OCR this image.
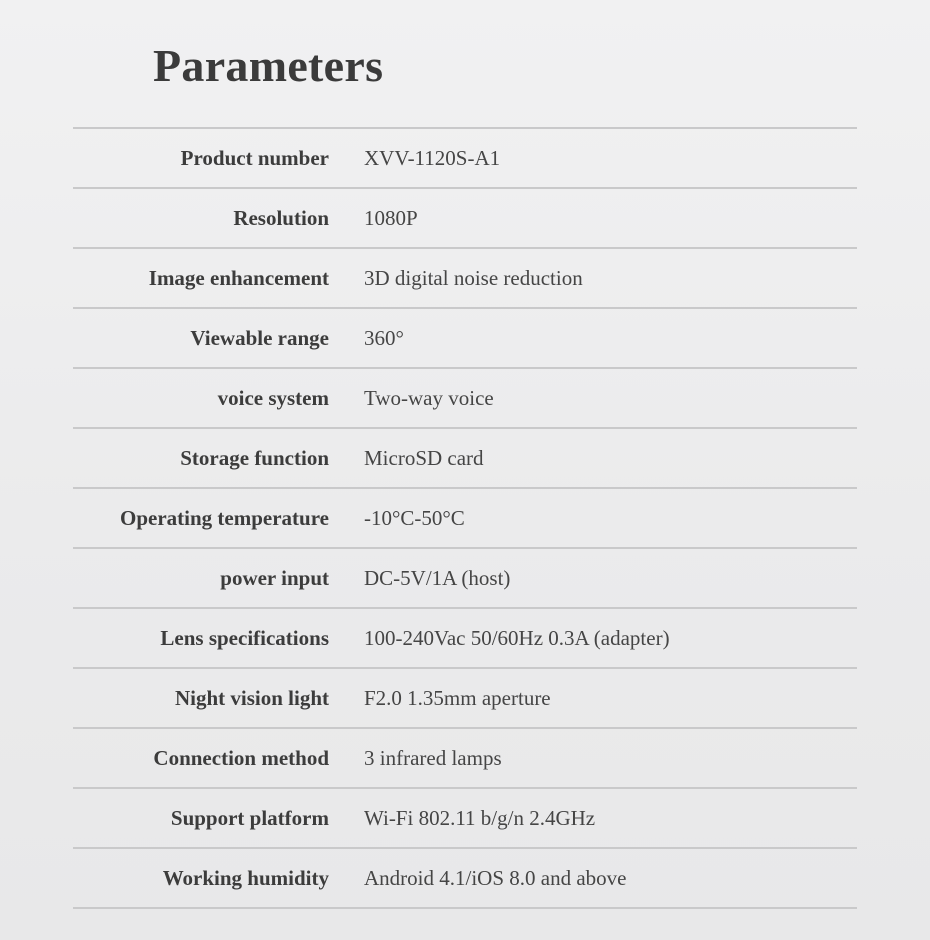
Parameters
Product number XVV-1120S-A1
Resolution 1080P
Image enhancement 3D digital noise reduction
Viewable range 360°
voice system Two-way voice
Storage function MicroSD card
Operating temperature -10°C-50°C
power input DC-5V/1A (host)
Lens specifications 100-240Vac 50/60Hz 0.3A (adapter)
Night vision light F2.0 1.35mm aperture
Connection method 3 infrared lamps
Support platform Wi-Fi 802.11 b/g/n 2.4GHz
Working humidity Android 4.1/iOS 8.0 and above
